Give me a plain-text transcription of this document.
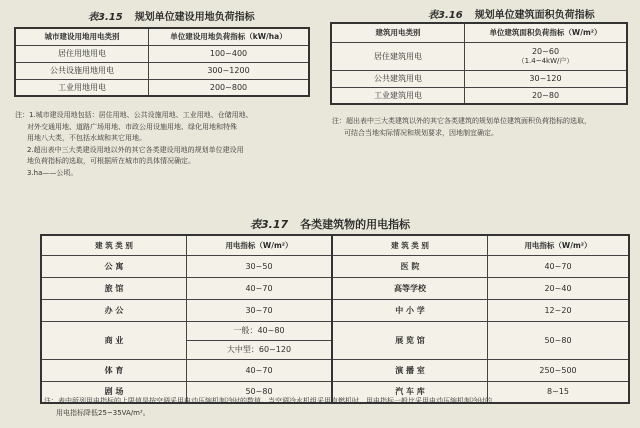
表3.15 规划单位建设用地负荷指标
城市建设用地用电类别	单位建设用地负荷指标（kW/ha）
居住用地用电	100~400
公共设施用地用电	300~1200
工业用地用电	200~800
注：1.城市建设用地包括：居住用地、公共设施用地、工业用地、仓储用地、
对外交通用地、道路广场用地、市政公用设施用地、绿化用地和特殊
用地八大类，不包括水域和其它用地。
2.超出表中三大类建设用地以外的其它各类建设用地的规划单位建设用
地负荷指标的选取，可根据所在城市的具体情况确定。
3.ha——公顷。
表3.16 规划单位建筑面积负荷指标
建筑用电类别	单位建筑面积负荷指标（W/m²）
居住建筑用电	20~60
（1.4~4kW/户）

公共建筑用电	30~120
工业建筑用电	20~80
注：超出表中三大类建筑以外的其它各类建筑的规划单位建筑面积负荷指标的选取，
可结合当地实际情况和规划要求，因地制宜确定。
表3.17 各类建筑物的用电指标
建 筑 类 别	用电指标（W/m²）	建 筑 类 别	用电指标（W/m²）
公 寓	30~50	医 院	40~70
旅 馆	40~70	高等学校	20~40
办 公	30~70	中 小 学	12~20
商 业	一般：40~80	展 览 馆	50~80
	大中型：60~120		
体 育	40~70	演 播 室	250~500
剧 场	50~80	汽 车 库	8~15
注：表中所列用电指标的上限值是按空调采用电动压缩机制冷时的数值。当空调冷水机组采用直燃机时，用电指标一般比采用电动压缩机制冷时的
用电指标降低25~35VA/m²。
